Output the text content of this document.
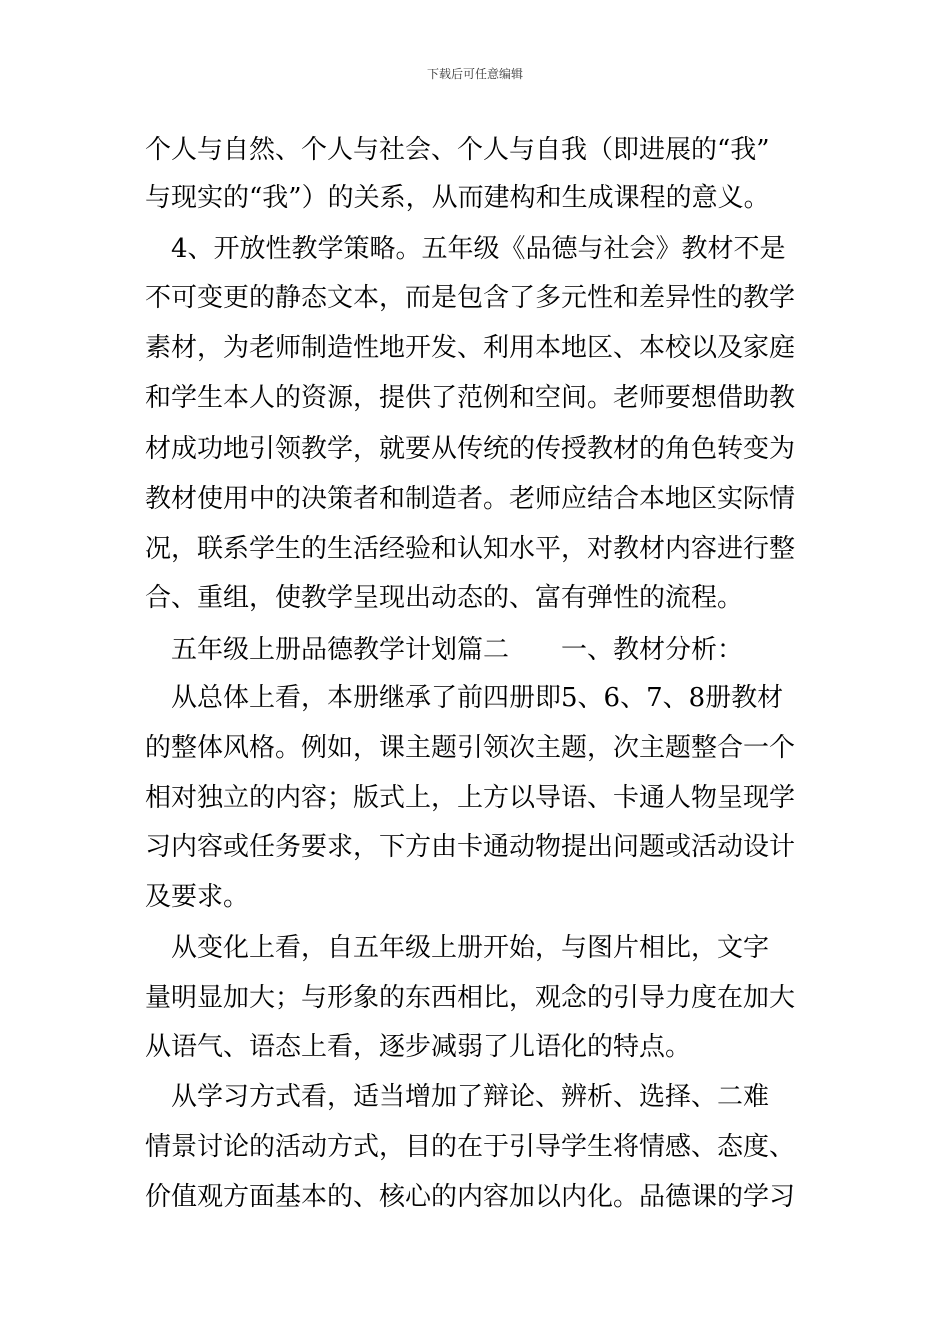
下载后可任意编辑
个人与自然、个人与社会、个人与自我（即进展的“我”
与现实的“我”）的关系，从而建构和生成课程的意义。
　4、开放性教学策略。五年级《品德与社会》教材不是
不可变更的静态文本，而是包含了多元性和差异性的教学
素材，为老师制造性地开发、利用本地区、本校以及家庭
和学生本人的资源，提供了范例和空间。老师要想借助教
材成功地引领教学，就要从传统的传授教材的角色转变为
教材使用中的决策者和制造者。老师应结合本地区实际情
况，联系学生的生活经验和认知水平，对教材内容进行整
合、重组，使教学呈现出动态的、富有弹性的流程。
　五年级上册品德教学计划篇二　　一、教材分析：
　从总体上看，本册继承了前四册即5、6、7、8册教材
的整体风格。例如，课主题引领次主题，次主题整合一个
相对独立的内容；版式上，上方以导语、卡通人物呈现学
习内容或任务要求，下方由卡通动物提出问题或活动设计
及要求。
　从变化上看，自五年级上册开始，与图片相比，文字
量明显加大；与形象的东西相比，观念的引导力度在加大
从语气、语态上看，逐步减弱了儿语化的特点。
　从学习方式看，适当增加了辩论、辨析、选择、二难
情景讨论的活动方式，目的在于引导学生将情感、态度、
价值观方面基本的、核心的内容加以内化。品德课的学习
